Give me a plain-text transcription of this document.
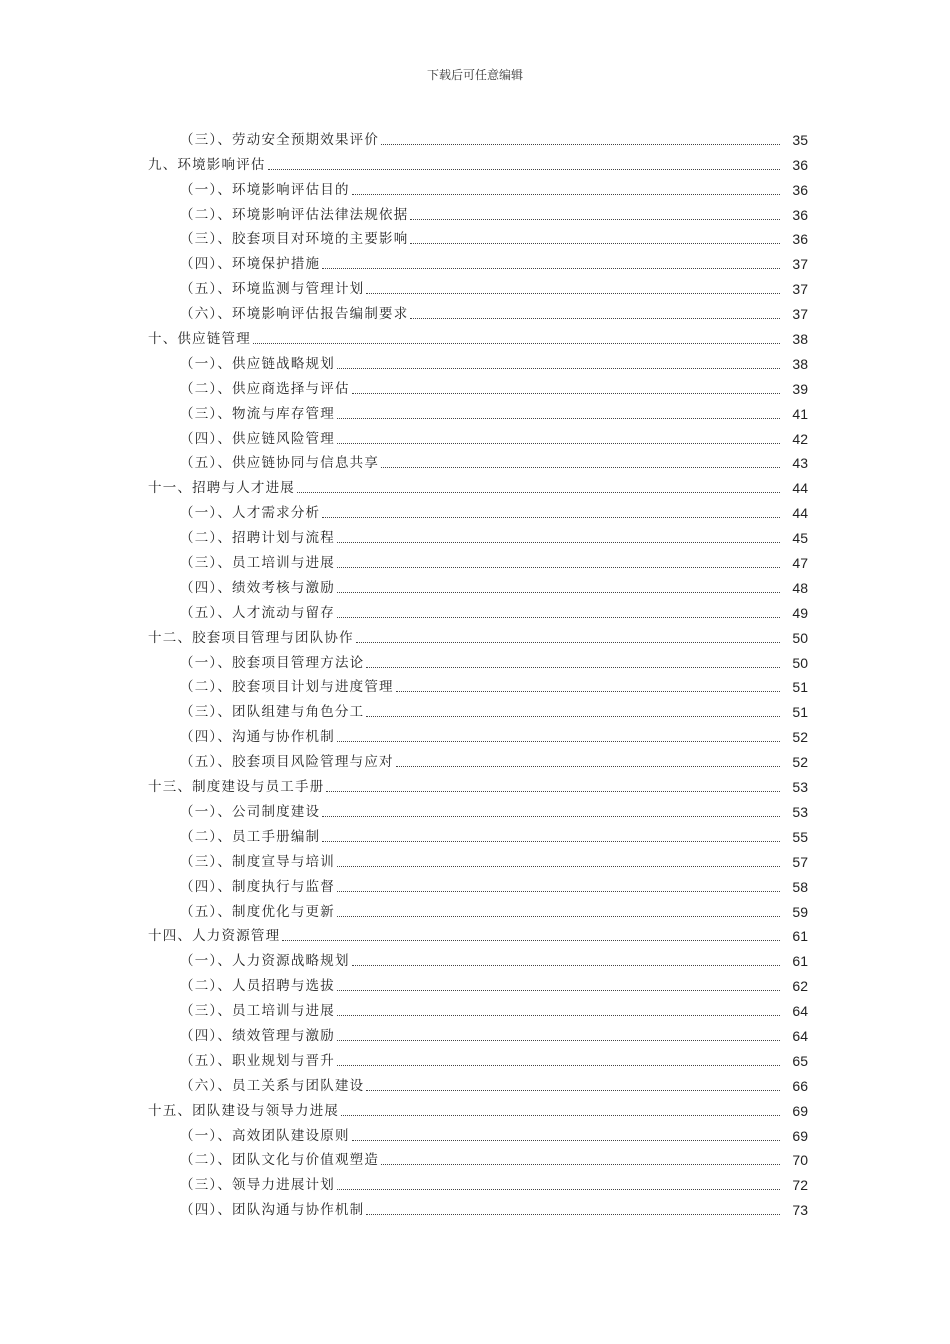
下载后可任意编辑
（三）、劳动安全预期效果评价	35
九、环境影响评估	36
（一）、环境影响评估目的	36
（二）、环境影响评估法律法规依据	36
（三）、胶套项目对环境的主要影响	36
（四）、环境保护措施	37
（五）、环境监测与管理计划	37
（六）、环境影响评估报告编制要求	37
十、供应链管理	38
（一）、供应链战略规划	38
（二）、供应商选择与评估	39
（三）、物流与库存管理	41
（四）、供应链风险管理	42
（五）、供应链协同与信息共享	43
十一、招聘与人才进展	44
（一）、人才需求分析	44
（二）、招聘计划与流程	45
（三）、员工培训与进展	47
（四）、绩效考核与激励	48
（五）、人才流动与留存	49
十二、胶套项目管理与团队协作	50
（一）、胶套项目管理方法论	50
（二）、胶套项目计划与进度管理	51
（三）、团队组建与角色分工	51
（四）、沟通与协作机制	52
（五）、胶套项目风险管理与应对	52
十三、制度建设与员工手册	53
（一）、公司制度建设	53
（二）、员工手册编制	55
（三）、制度宣导与培训	57
（四）、制度执行与监督	58
（五）、制度优化与更新	59
十四、人力资源管理	61
（一）、人力资源战略规划	61
（二）、人员招聘与选拔	62
（三）、员工培训与进展	64
（四）、绩效管理与激励	64
（五）、职业规划与晋升	65
（六）、员工关系与团队建设	66
十五、团队建设与领导力进展	69
（一）、高效团队建设原则	69
（二）、团队文化与价值观塑造	70
（三）、领导力进展计划	72
（四）、团队沟通与协作机制	73
